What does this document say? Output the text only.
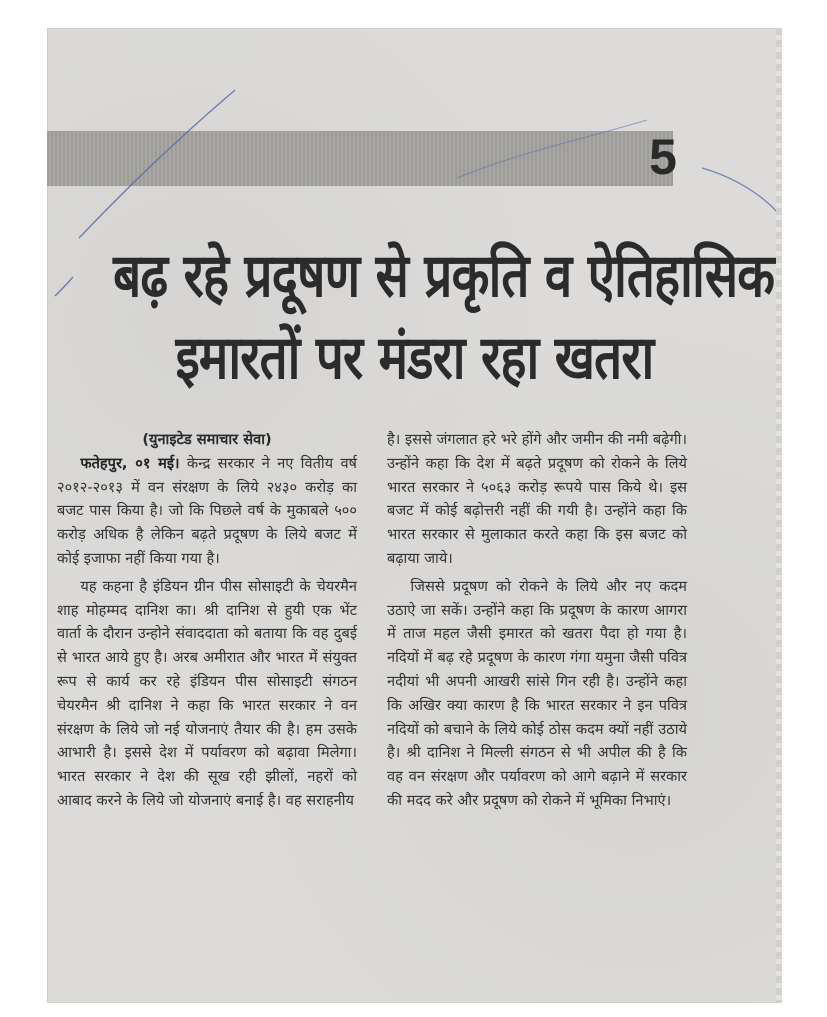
5
बढ़ रहे प्रदूषण से प्रकृति व ऐतिहासिक
इमारतों पर मंडरा रहा खतरा
(युनाइटेड समाचार सेवा)

फतेहपुर, ०१ मई। केन्द्र सरकार ने नए वितीय वर्ष २०१२-२०१३ में वन संरक्षण के लिये २४३० करोड़ का बजट पास किया है। जो कि पिछले वर्ष के मुकाबले ५०० करोड़ अधिक है लेकिन बढ़ते प्रदूषण के लिये बजट में कोई इजाफा नहीं किया गया है।

यह कहना है इंडियन ग्रीन पीस सोसाइटी के चेयरमैन शाह मोहम्मद दानिश का। श्री दानिश से हुयी एक भेंट वार्ता के दौरान उन्होने संवाददाता को बताया कि वह दुबई से भारत आये हुए है। अरब अमीरात और भारत में संयुक्त रूप से कार्य कर रहे इंडियन पीस सोसाइटी संगठन चेयरमैन श्री दानिश ने कहा कि भारत सरकार ने वन संरक्षण के लिये जो नई योजनाएं तैयार की है। हम उसके आभारी है। इससे देश में पर्यावरण को बढ़ावा मिलेगा। भारत सरकार ने देश की सूख रही झीलों, नहरों को आबाद करने के लिये जो योजनाएं बनाई है। वह सराहनीय

है। इससे जंगलात हरे भरे होंगे और जमीन की नमी बढ़ेगी। उन्होंने कहा कि देश में बढ़ते प्रदूषण को रोकने के लिये भारत सरकार ने ५०६३ करोड़ रूपये पास किये थे। इस बजट में कोई बढ़ोत्तरी नहीं की गयी है। उन्होंने कहा कि भारत सरकार से मुलाकात करते कहा कि इस बजट को बढ़ाया जाये।

जिससे प्रदूषण को रोकने के लिये और नए कदम उठाऐ जा सकें। उन्होंने कहा कि प्रदूषण के कारण आगरा में ताज महल जैसी इमारत को खतरा पैदा हो गया है। नदियों में बढ़ रहे प्रदूषण के कारण गंगा यमुना जैसी पवित्र नदीयां भी अपनी आखरी सांसे गिन रही है। उन्होंने कहा कि अखिर क्या कारण है कि भारत सरकार ने इन पवित्र नदियों को बचाने के लिये कोई ठोस कदम क्यों नहीं उठाये है। श्री दानिश ने मिल्ली संगठन से भी अपील की है कि वह वन संरक्षण और पर्यावरण को आगे बढ़ाने में सरकार की मदद करे और प्रदूषण को रोकने में भूमिका निभाएं।
